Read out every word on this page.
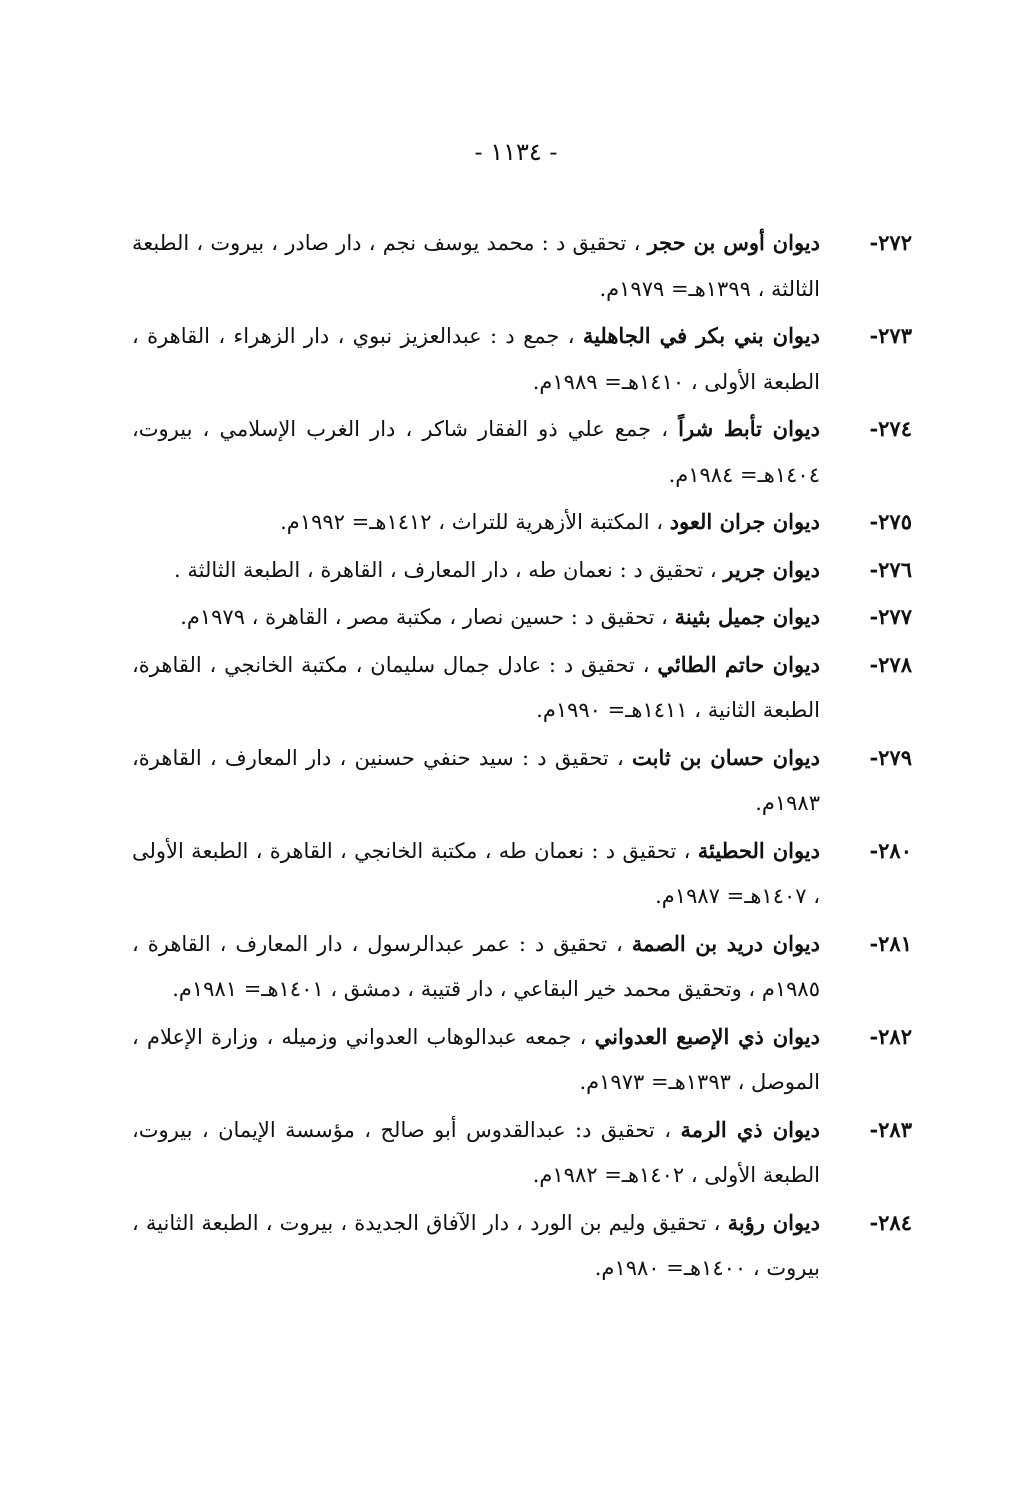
- ١١٣٤ -
٢٧٢-
ديوان أوس بن حجر ، تحقيق د : محمد يوسف نجم ، دار صادر ، بيروت ، الطبعة الثالثة ، ١٣٩٩هـ= ١٩٧٩م.
٢٧٣-
ديوان بني بكر في الجاهلية ، جمع د : عبدالعزيز نبوي ، دار الزهراء ، القاهرة ، الطبعة الأولى ، ١٤١٠هـ= ١٩٨٩م.
٢٧٤-
ديوان تأبط شراً ، جمع علي ذو الفقار شاكر ، دار الغرب الإسلامي ، بيروت، ١٤٠٤هـ= ١٩٨٤م.
٢٧٥-
ديوان جران العود ، المكتبة الأزهرية للتراث ، ١٤١٢هـ= ١٩٩٢م.
٢٧٦-
ديوان جرير ، تحقيق د : نعمان طه ، دار المعارف ، القاهرة ، الطبعة الثالثة .
٢٧٧-
ديوان جميل بثينة ، تحقيق د : حسين نصار ، مكتبة مصر ، القاهرة ، ١٩٧٩م.
٢٧٨-
ديوان حاتم الطائي ، تحقيق د : عادل جمال سليمان ، مكتبة الخانجي ، القاهرة، الطبعة الثانية ، ١٤١١هـ= ١٩٩٠م.
٢٧٩-
ديوان حسان بن ثابت ، تحقيق د : سيد حنفي حسنين ، دار المعارف ، القاهرة، ١٩٨٣م.
٢٨٠-
ديوان الحطيئة ، تحقيق د : نعمان طه ، مكتبة الخانجي ، القاهرة ، الطبعة الأولى ، ١٤٠٧هـ= ١٩٨٧م.
٢٨١-
ديوان دريد بن الصمة ، تحقيق د : عمر عبدالرسول ، دار المعارف ، القاهرة ، ١٩٨٥م ، وتحقيق محمد خير البقاعي ، دار قتيبة ، دمشق ، ١٤٠١هـ= ١٩٨١م.
٢٨٢-
ديوان ذي الإصبع العدواني ، جمعه عبدالوهاب العدواني وزميله ، وزارة الإعلام ، الموصل ، ١٣٩٣هـ= ١٩٧٣م.
٢٨٣-
ديوان ذي الرمة ، تحقيق د: عبدالقدوس أبو صالح ، مؤسسة الإيمان ، بيروت، الطبعة الأولى ، ١٤٠٢هـ= ١٩٨٢م.
٢٨٤-
ديوان رؤبة ، تحقيق وليم بن الورد ، دار الآفاق الجديدة ، بيروت ، الطبعة الثانية ، بيروت ، ١٤٠٠هـ= ١٩٨٠م.
